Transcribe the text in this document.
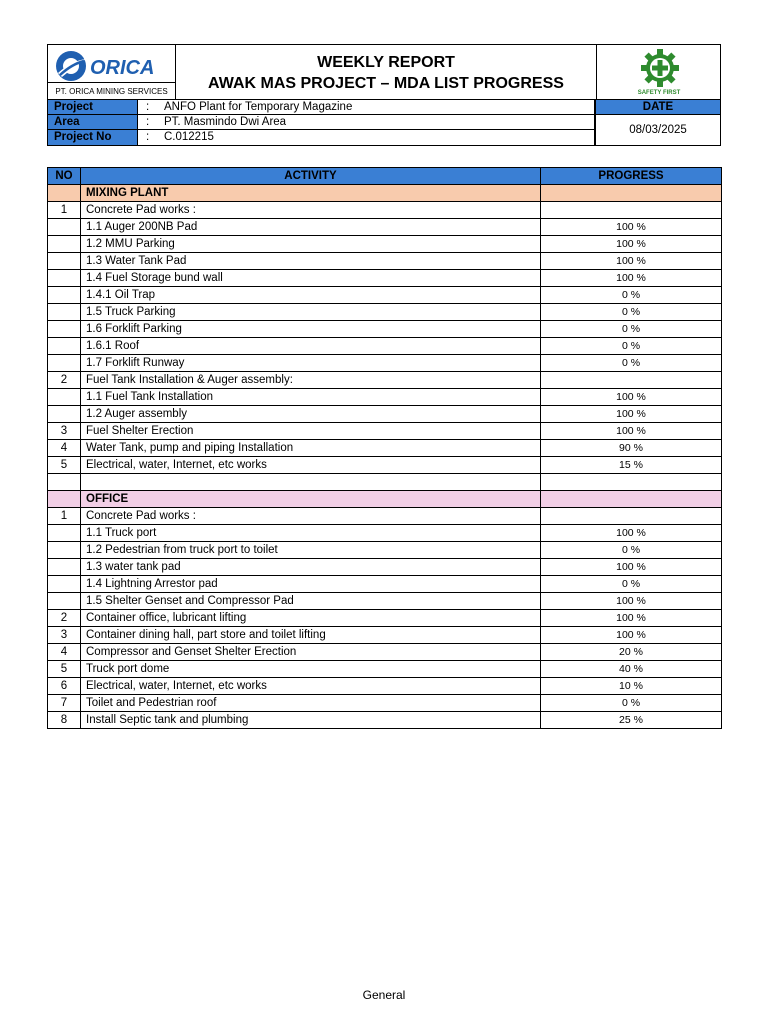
ORICA
PT. ORICA MINING SERVICES
WEEKLY REPORT
AWAK MAS PROJECT – MDA LIST PROGRESS
SAFETY FIRST
Project	: ANFO Plant for Temporary Magazine
Area	: PT. Masmindo Dwi Area
Project No	: C.012215
DATE
08/03/2025
NO	ACTIVITY	PROGRESS
	MIXING PLANT	
1	Concrete Pad works :	
	1.1 Auger 200NB Pad	100 %
	1.2 MMU Parking	100 %
	1.3 Water Tank Pad	100 %
	1.4 Fuel Storage bund wall	100 %
	1.4.1 Oil Trap	0 %
	1.5 Truck Parking	0 %
	1.6 Forklift Parking	0 %
	1.6.1 Roof	0 %
	1.7 Forklift Runway	0 %
2	Fuel Tank Installation & Auger assembly:	
	1.1 Fuel Tank Installation	100 %
	1.2 Auger assembly	100 %
3	Fuel Shelter Erection	100 %
4	Water Tank, pump and piping Installation	90 %
5	Electrical, water, Internet, etc works	15 %

	OFFICE	
1	Concrete Pad works :	
	1.1 Truck port	100 %
	1.2 Pedestrian from truck port to toilet	0 %
	1.3 water tank pad	100 %
	1.4 Lightning Arrestor pad	0 %
	1.5 Shelter Genset and Compressor Pad	100 %
2	Container office, lubricant lifting	100 %
3	Container dining hall, part store and toilet lifting	100 %
4	Compressor and Genset Shelter Erection	20 %
5	Truck port dome	40 %
6	Electrical, water, Internet, etc works	10 %
7	Toilet and Pedestrian roof	0 %
8	Install Septic tank and plumbing	25 %
General
